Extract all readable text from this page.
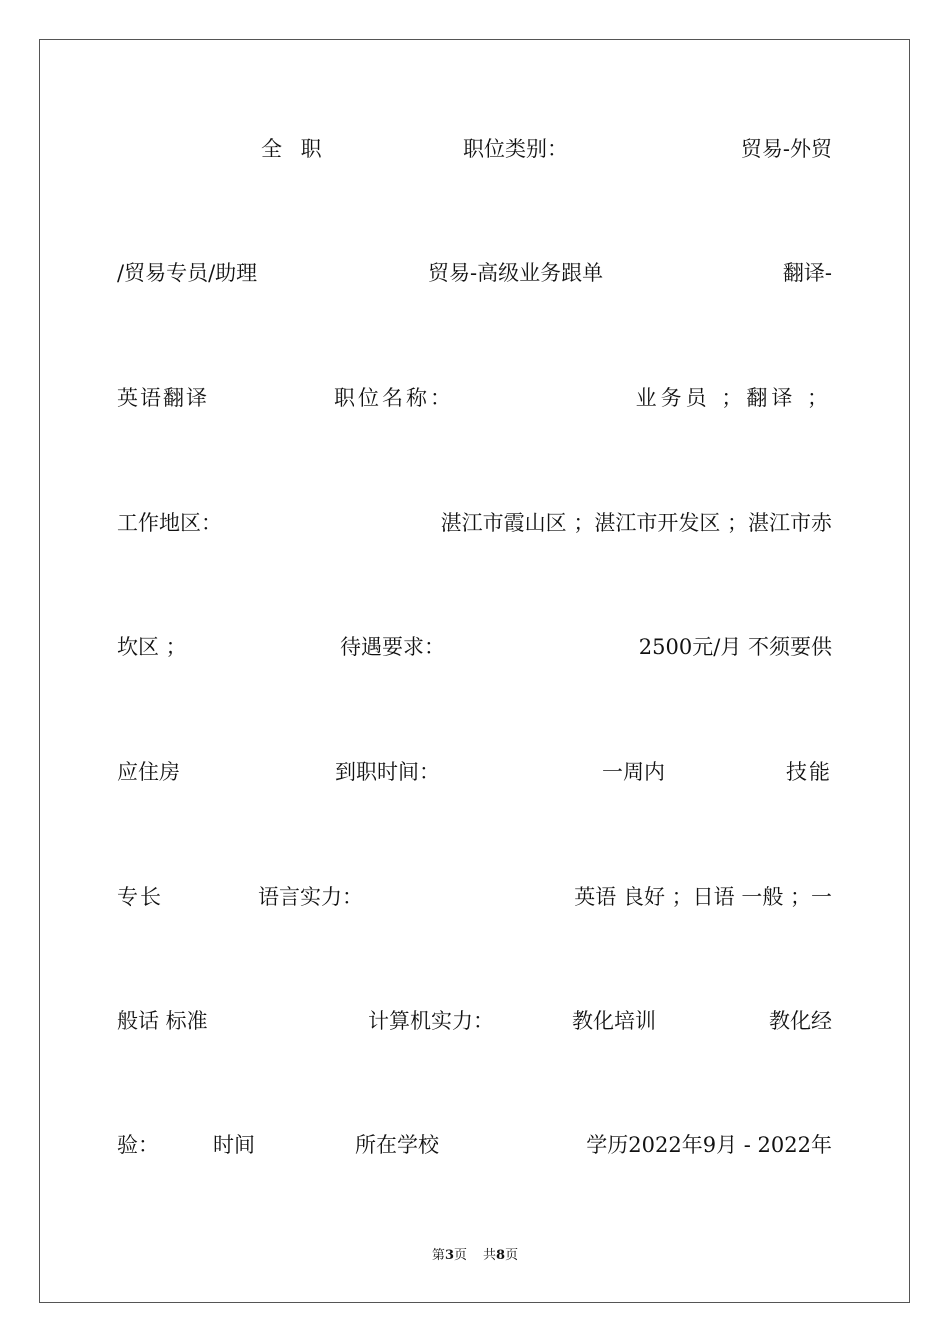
全 职	职位类别：	贸易-外贸
/贸易专员/助理	贸易-高级业务跟单	翻译-
英语翻译	职位名称：	业务员 ；翻译 ；
工作地区：	湛江市霞山区 ；湛江市开发区 ；湛江市赤
坎区 ；	待遇要求：	2500元/月 不须要供
应住房	到职时间：	一周内	技能
专长	语言实力：	英语 良好 ；日语 一般 ；一
般话 标准	计算机实力：	教化培训	教化经
验：	时间	所在学校	学历2022年9月 - 2022年
第3页 共8页
